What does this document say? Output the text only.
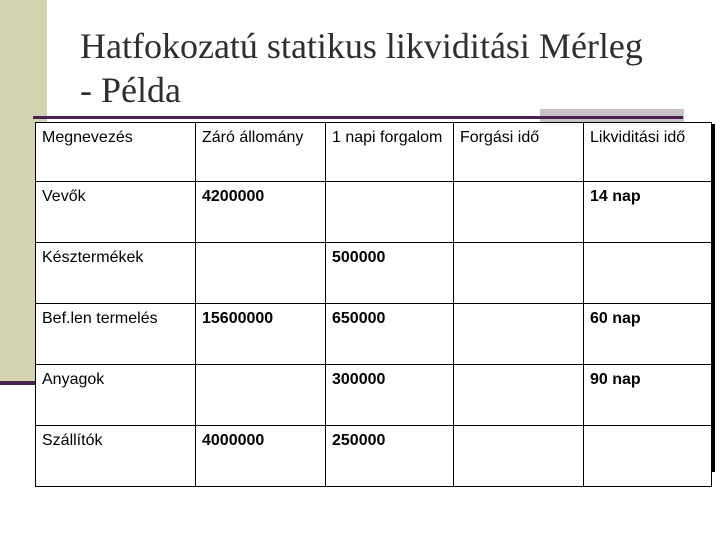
Hatfokozatú statikus likviditási Mérleg
- Példa
Megnevezés	Záró állomány	1 napi forgalom	Forgási idő	Likviditási idő
Vevők	4200000			14 nap
Késztermékek		500000		
Bef.len termelés	15600000	650000		60 nap
Anyagok		300000		90 nap
Szállítók	4000000	250000		
